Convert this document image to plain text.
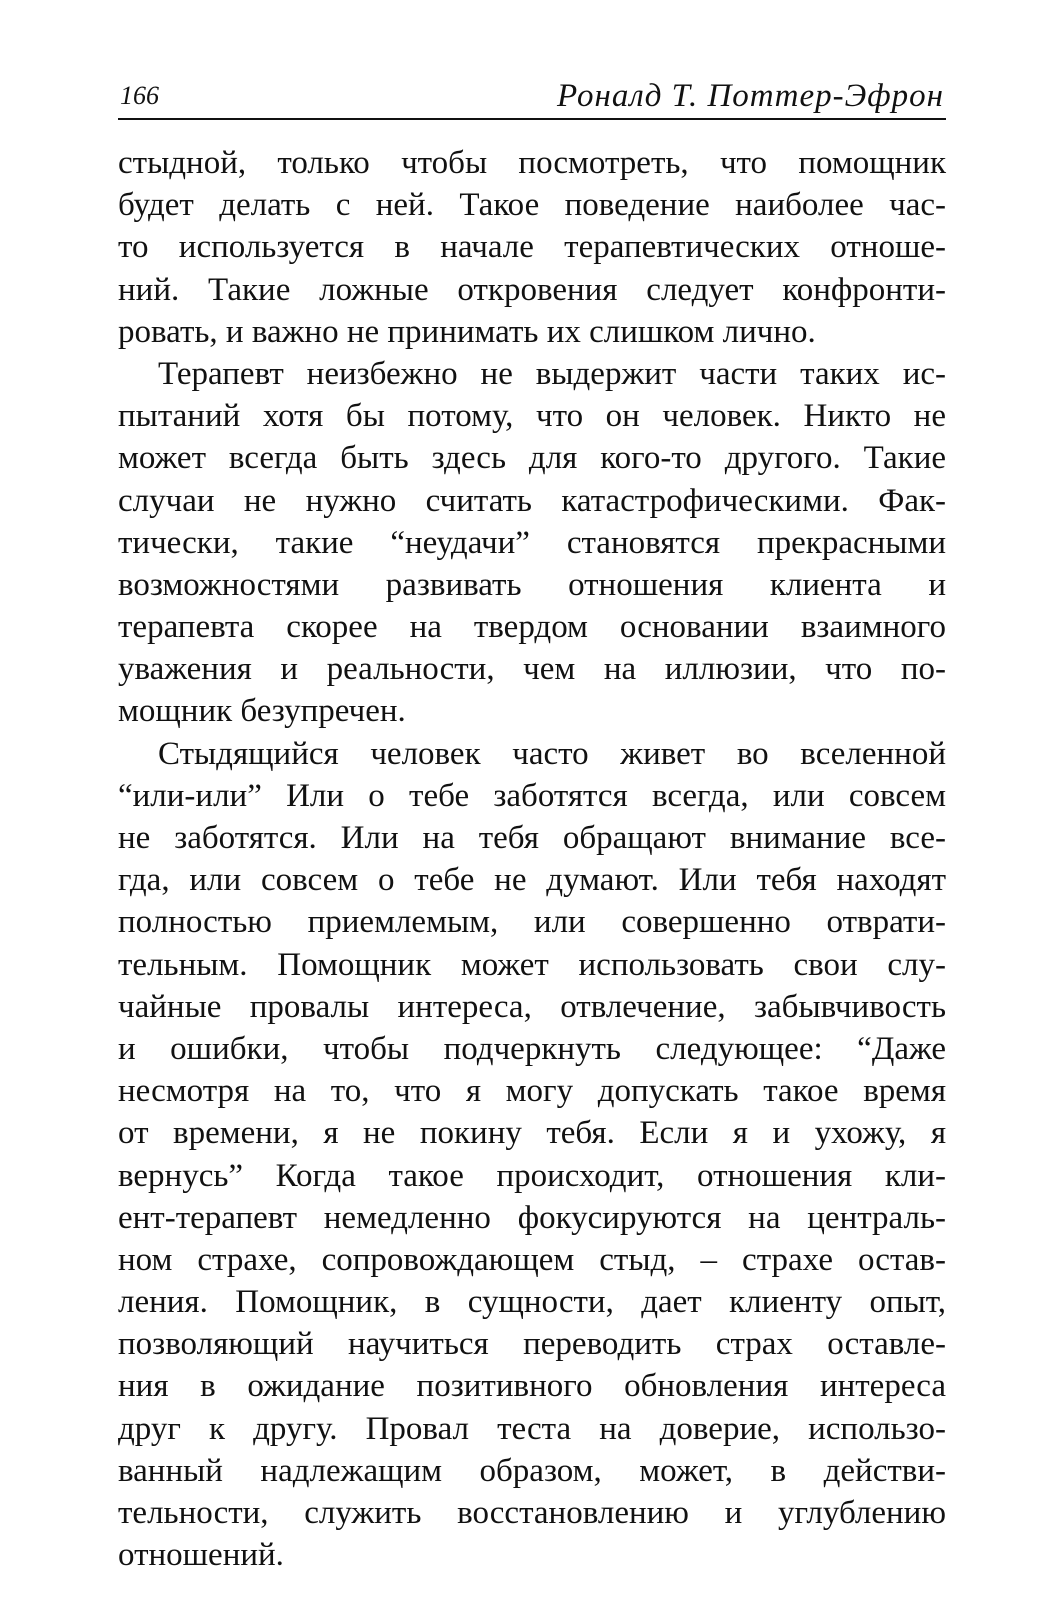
166	Роналд Т. Поттер-Эфрон
стыдной, только чтобы посмотреть, что помощник
будет делать с ней. Такое поведение наиболее час-
то используется в начале терапевтических отноше-
ний. Такие ложные откровения следует конфронти-
ровать, и важно не принимать их слишком лично.
Терапевт неизбежно не выдержит части таких ис-
пытаний хотя бы потому, что он человек. Никто не
может всегда быть здесь для кого-то другого. Такие
случаи не нужно считать катастрофическими. Фак-
тически, такие “неудачи” становятся прекрасными
возможностями развивать отношения клиента и
терапевта скорее на твердом основании взаимного
уважения и реальности, чем на иллюзии, что по-
мощник безупречен.
Стыдящийся человек часто живет во вселенной
“или-или” Или о тебе заботятся всегда, или совсем
не заботятся. Или на тебя обращают внимание все-
гда, или совсем о тебе не думают. Или тебя находят
полностью приемлемым, или совершенно отврати-
тельным. Помощник может использовать свои слу-
чайные провалы интереса, отвлечение, забывчивость
и ошибки, чтобы подчеркнуть следующее: “Даже
несмотря на то, что я могу допускать такое время
от времени, я не покину тебя. Если я и ухожу, я
вернусь” Когда такое происходит, отношения кли-
ент-терапевт немедленно фокусируются на централь-
ном страхе, сопровождающем стыд, – страхе остав-
ления. Помощник, в сущности, дает клиенту опыт,
позволяющий научиться переводить страх оставле-
ния в ожидание позитивного обновления интереса
друг к другу. Провал теста на доверие, использо-
ванный надлежащим образом, может, в действи-
тельности, служить восстановлению и углублению
отношений.
